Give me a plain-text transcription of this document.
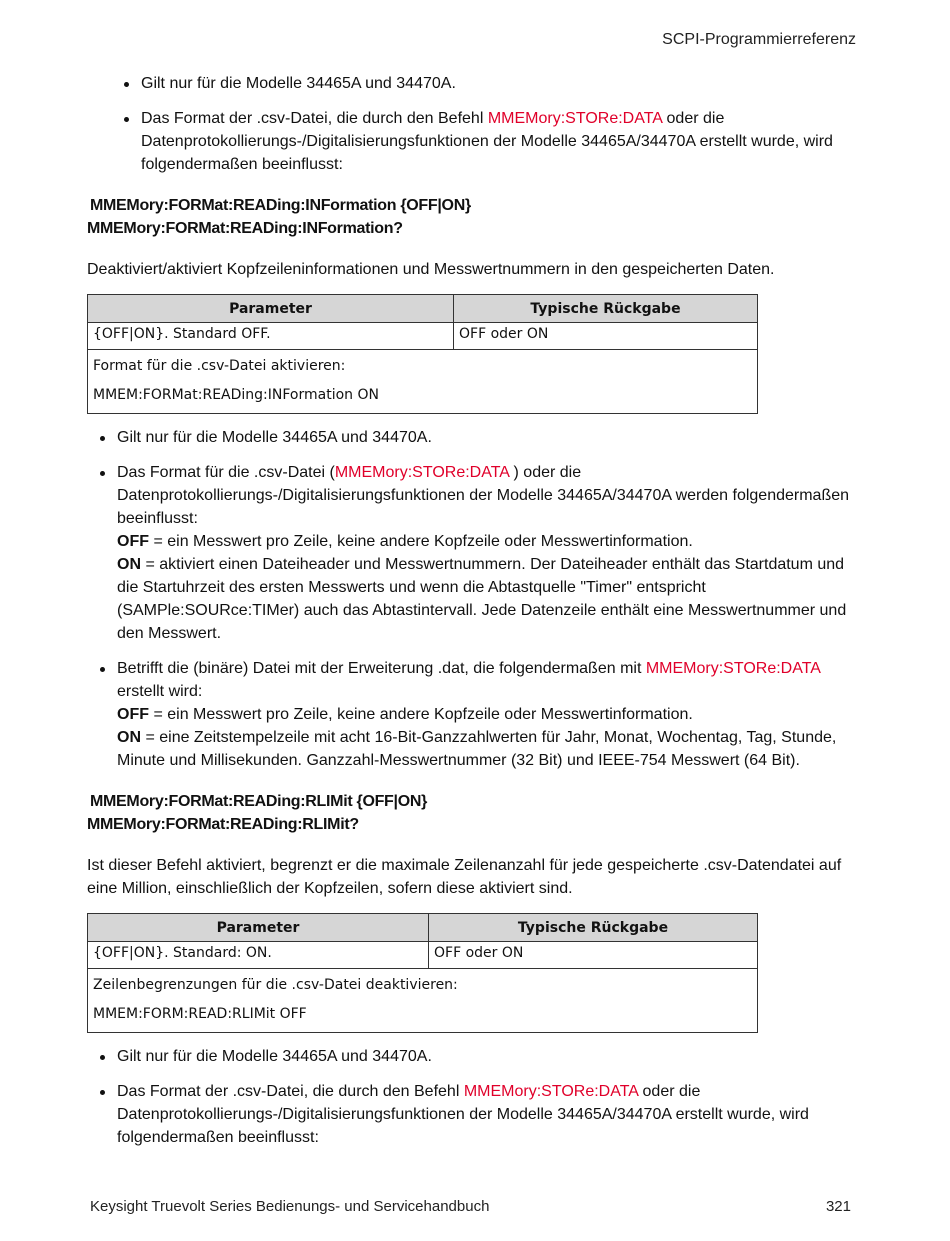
SCPI-Programmierreferenz
Gilt nur für die Modelle 34465A und 34470A.
Das Format der .csv-Datei, die durch den Befehl MMEMory:STORe:DATA oder die Datenprotokollierungs-/Digitalisierungsfunktionen der Modelle 34465A/34470A erstellt wurde, wird folgendermaßen beeinflusst:
MMEMory:FORMat:READing:INFormation {OFF|ON}
MMEMory:FORMat:READing:INFormation?

Deaktiviert/aktiviert Kopfzeileninformationen und Messwertnummern in den gespeicherten Daten.

Parameter	Typische Rückgabe
{OFF|ON}. Standard OFF.	OFF oder ON

Format für die .csv-Datei aktivieren:
MMEM:FORMat:READing:INFormation ON	
Gilt nur für die Modelle 34465A und 34470A.
Das Format für die .csv-Datei (MMEMory:STORe:DATA ) oder die Datenprotokollierungs-/Digitalisierungsfunktionen der Modelle 34465A/34470A werden folgendermaßen beeinflusst:
OFF = ein Messwert pro Zeile, keine andere Kopfzeile oder Messwertinformation.
ON = aktiviert einen Dateiheader und Messwertnummern. Der Dateiheader enthält das Startdatum und die Startuhrzeit des ersten Messwerts und wenn die Abtastquelle "Timer" entspricht (SAMPle:SOURce:TIMer) auch das Abtastintervall. Jede Datenzeile enthält eine Messwertnummer und den Messwert.
Betrifft die (binäre) Datei mit der Erweiterung .dat, die folgendermaßen mit MMEMory:STORe:DATA erstellt wird:
OFF = ein Messwert pro Zeile, keine andere Kopfzeile oder Messwertinformation.
ON = eine Zeitstempelzeile mit acht 16-Bit-Ganzzahlwerten für Jahr, Monat, Wochentag, Tag, Stunde, Minute und Millisekunden. Ganzzahl-Messwertnummer (32 Bit) und IEEE-754 Messwert (64 Bit).
MMEMory:FORMat:READing:RLIMit {OFF|ON}
MMEMory:FORMat:READing:RLIMit?

Ist dieser Befehl aktiviert, begrenzt er die maximale Zeilenanzahl für jede gespeicherte .csv-Datendatei auf eine Million, einschließlich der Kopfzeilen, sofern diese aktiviert sind.

Parameter	Typische Rückgabe
{OFF|ON}. Standard: ON.	OFF oder ON

Zeilenbegrenzungen für die .csv-Datei deaktivieren:
MMEM:FORM:READ:RLIMit OFF	
Gilt nur für die Modelle 34465A und 34470A.
Das Format der .csv-Datei, die durch den Befehl MMEMory:STORe:DATA oder die Datenprotokollierungs-/Digitalisierungsfunktionen der Modelle 34465A/34470A erstellt wurde, wird folgendermaßen beeinflusst:
Keysight Truevolt Series Bedienungs- und Servicehandbuch	321
